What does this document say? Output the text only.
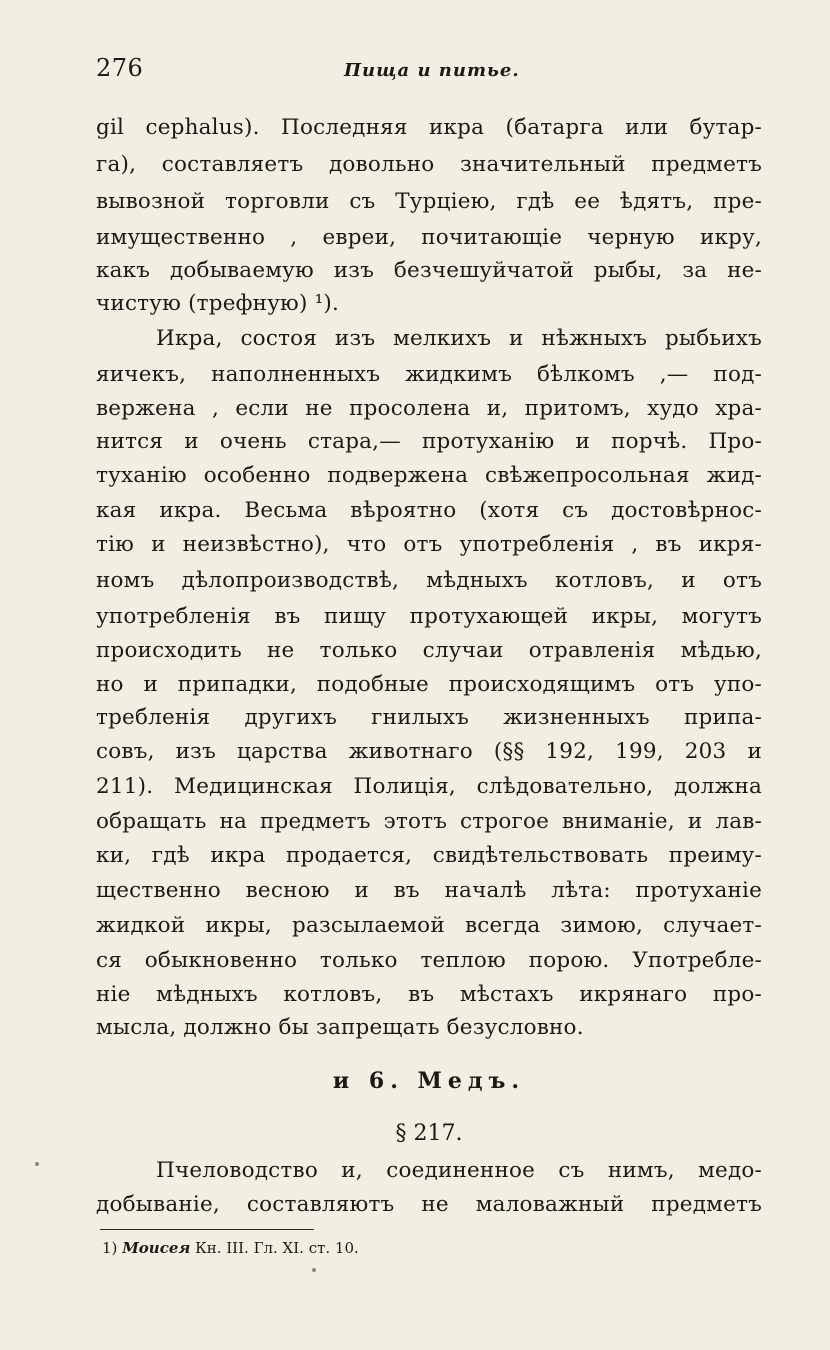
276	Пища и питье.
gil cephalus). Последняя икра (батарга или бутар-
га), составляетъ довольно значительный предметъ
вывозной торговли съ Турцiею, гдѣ ее ѣдятъ, пре-
имущественно , евреи, почитающiе черную икру,
какъ добываемую изъ безчешуйчатой рыбы, за не-
чистую (трефную) ¹).
Икра, состоя изъ мелкихъ и нѣжныхъ рыбьихъ
яичекъ, наполненныхъ жидкимъ бѣлкомъ ,— под-
вержена , если не просолена и, притомъ, худо хра-
нится и очень стара,— протуханiю и порчѣ. Про-
туханiю особенно подвержена свѣжепросольная жид-
кая икра. Весьма вѣроятно (хотя съ достовѣрнос-
тiю и неизвѣстно), что отъ употребленiя , въ икря-
номъ дѣлопроизводствѣ, мѣдныхъ котловъ, и отъ
употребленiя въ пищу протухающей икры, могутъ
происходить не только случаи отравленiя мѣдью,
но и припадки, подобные происходящимъ отъ упо-
требленiя другихъ гнилыхъ жизненныхъ припа-
совъ, изъ царства животнаго (§§ 192, 199, 203 и
211). Медицинская Полицiя, слѣдовательно, должна
обращать на предметъ этотъ строгое вниманiе, и лав-
ки, гдѣ икра продается, свидѣтельствовать преиму-
щественно весною и въ началѣ лѣта: протуханiе
жидкой икры, разсылаемой всегда зимою, случает-
ся обыкновенно только теплою порою. Употребле-
нiе мѣдныхъ котловъ, въ мѣстахъ икрянаго про-
мысла, должно бы запрещать безусловно.
и 6. Медъ.
§ 217.
Пчеловодство и, соединенное съ нимъ, медо-
добыванiе, составляютъ не маловажный предметъ
1) Моисея Кн. III. Гл. XI. ст. 10.
